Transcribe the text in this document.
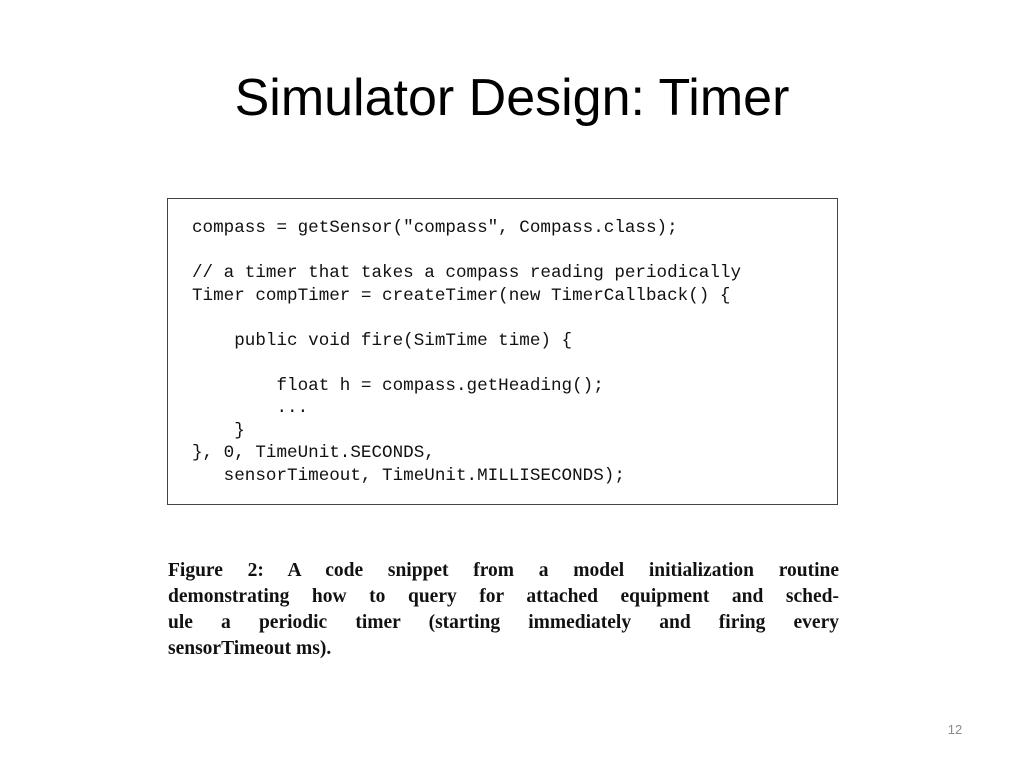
Simulator Design: Timer
compass = getSensor("compass", Compass.class);
// a timer that takes a compass reading periodically
Timer compTimer = createTimer(new TimerCallback() {
public void fire(SimTime time) {
float h = compass.getHeading();
...
}
}, 0, TimeUnit.SECONDS,
sensorTimeout, TimeUnit.MILLISECONDS);

Figure 2: A code snippet from a model initialization routine
demonstrating how to query for attached equipment and sched-
ule a periodic timer (starting immediately and firing every
sensorTimeout ms).

12
